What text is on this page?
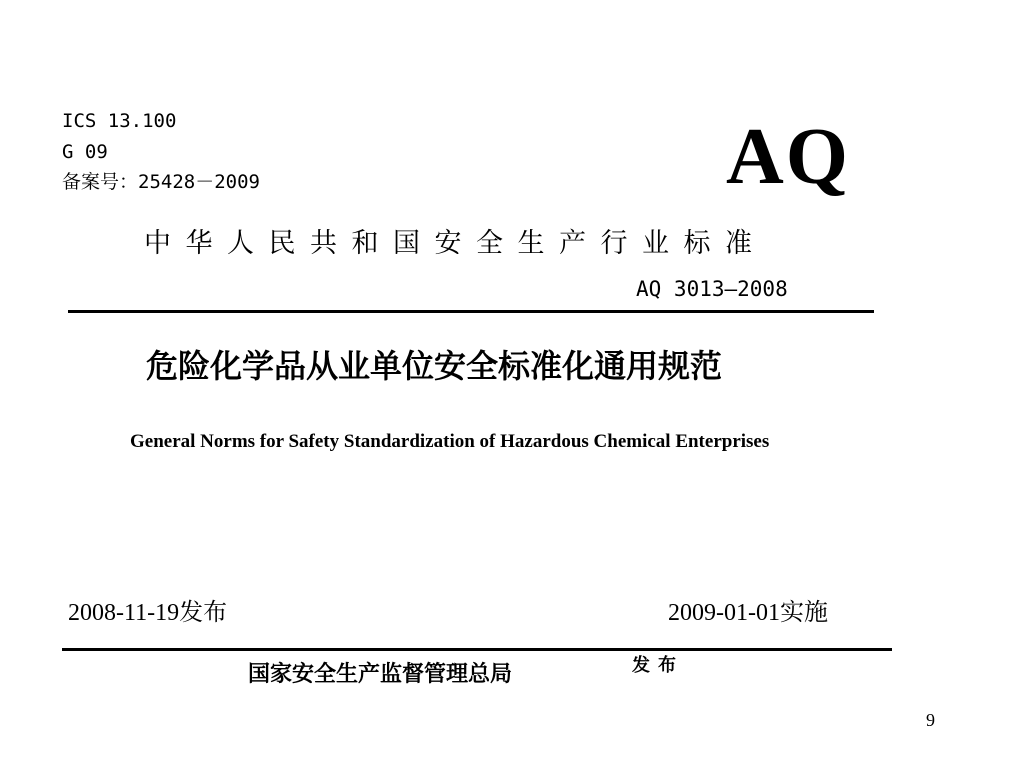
ICS 13.100
G 09
备案号：25428－2009	AQ
中华人民共和国安全生产行业标准
AQ 3013—2008
危险化学品从业单位安全标准化通用规范
General Norms for Safety Standardization of Hazardous Chemical Enterprises
2008-11-19发布	2009-01-01实施
国家安全生产监督管理总局	发布
9
